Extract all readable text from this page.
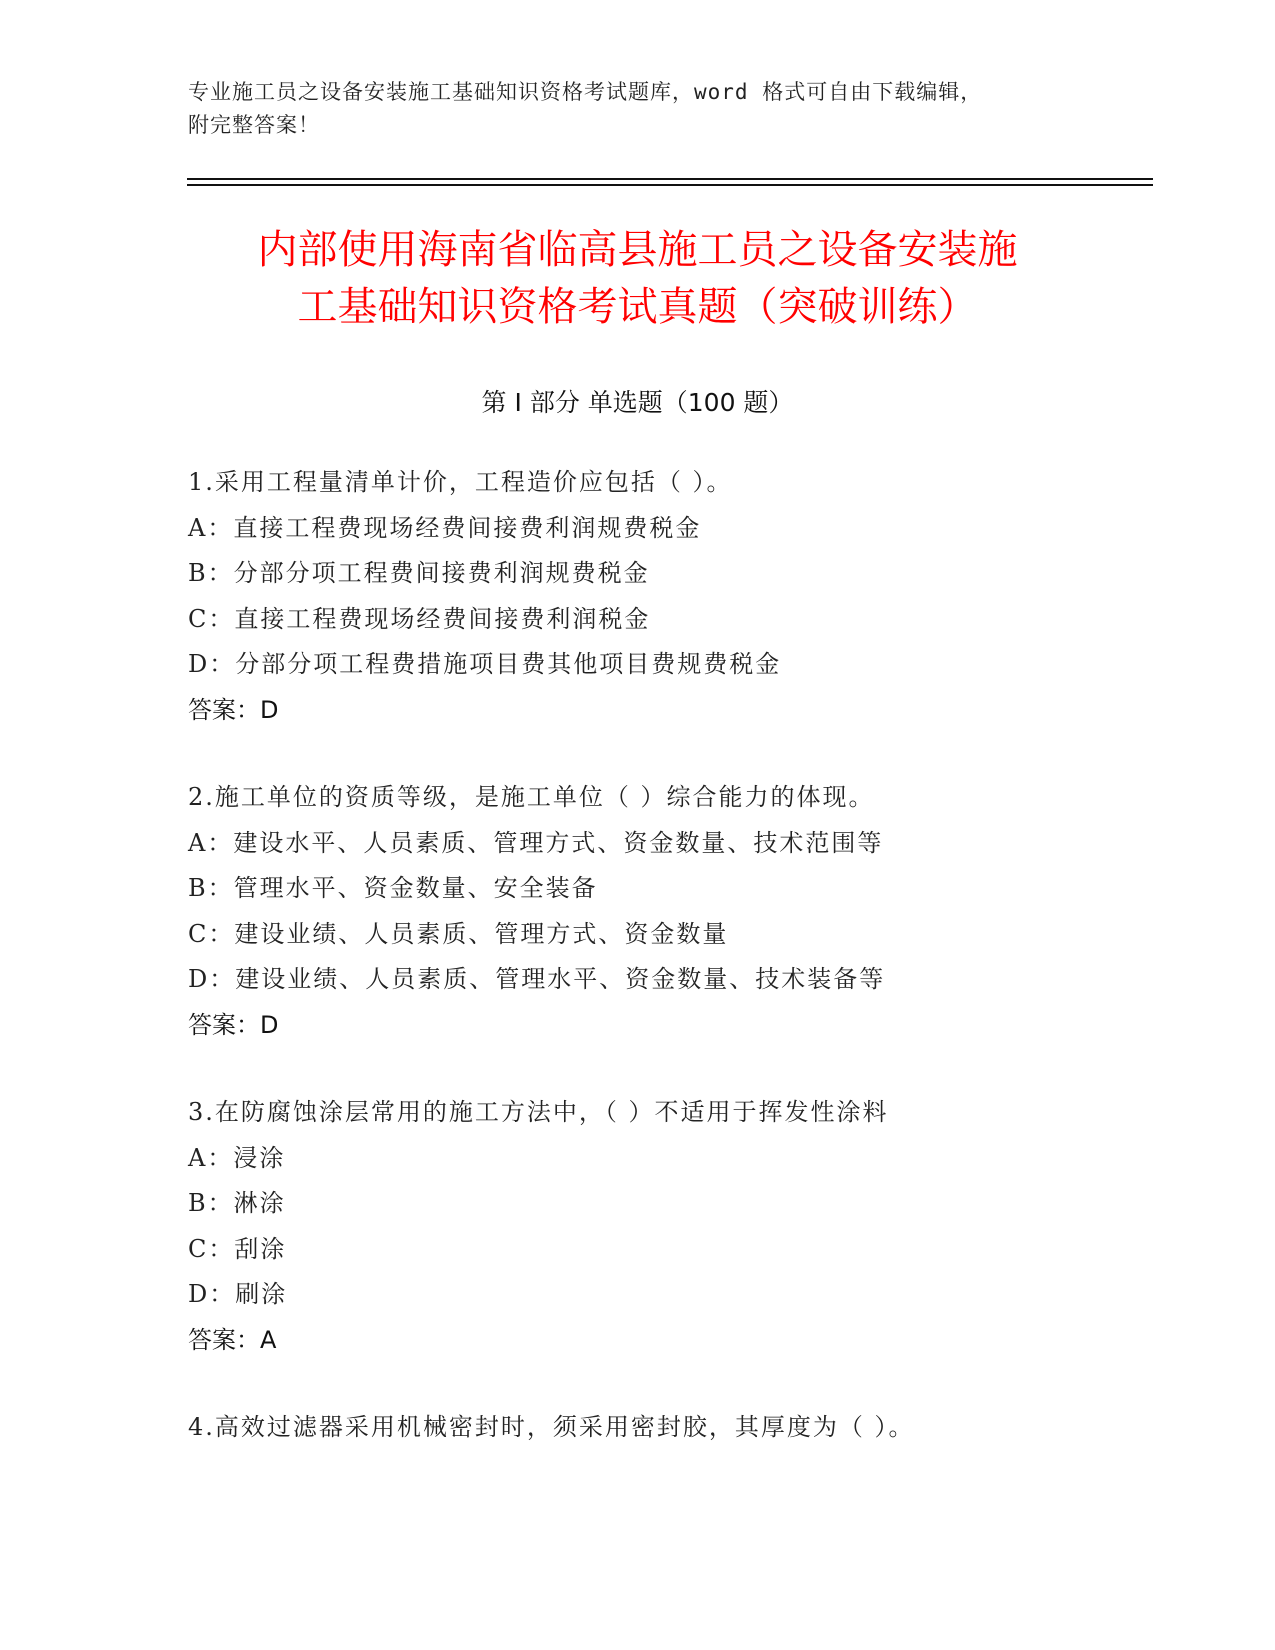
专业施工员之设备安装施工基础知识资格考试题库，word 格式可自由下载编辑，
附完整答案！
内部使用海南省临高县施工员之设备安装施
工基础知识资格考试真题（突破训练）
第 I 部分 单选题（100 题）
1.采用工程量清单计价，工程造价应包括（ ）。
A：直接工程费现场经费间接费利润规费税金
B：分部分项工程费间接费利润规费税金
C：直接工程费现场经费间接费利润税金
D：分部分项工程费措施项目费其他项目费规费税金
答案：D
2.施工单位的资质等级，是施工单位（ ）综合能力的体现。
A：建设水平、人员素质、管理方式、资金数量、技术范围等
B：管理水平、资金数量、安全装备
C：建设业绩、人员素质、管理方式、资金数量
D：建设业绩、人员素质、管理水平、资金数量、技术装备等
答案：D
3.在防腐蚀涂层常用的施工方法中，（ ）不适用于挥发性涂料
A：浸涂
B：淋涂
C：刮涂
D：刷涂
答案：A
4.高效过滤器采用机械密封时，须采用密封胶，其厚度为（ ）。
